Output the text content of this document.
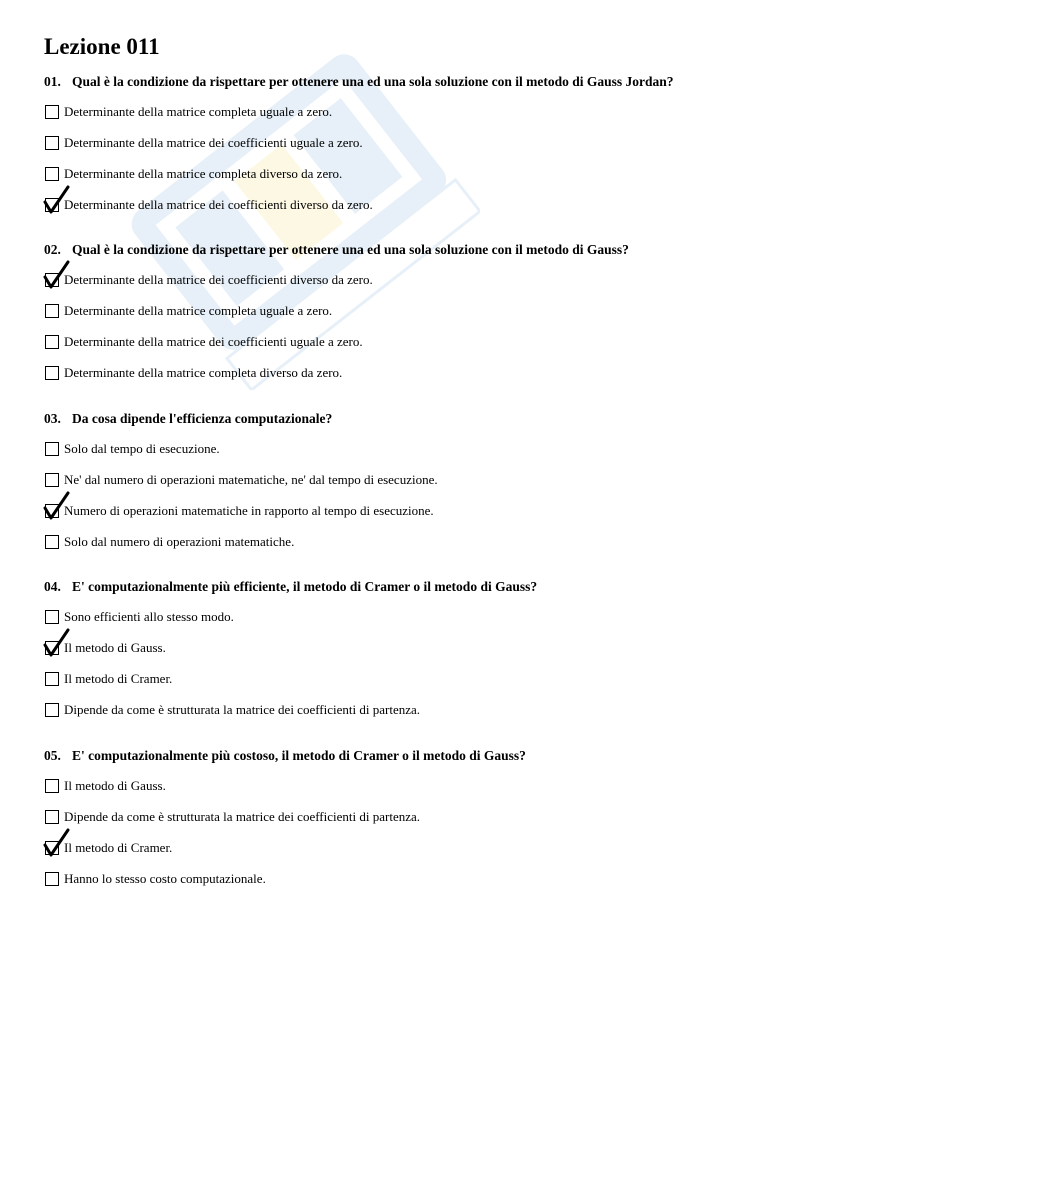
Lezione 011
01. Qual è la condizione da rispettare per ottenere una ed una sola soluzione con il metodo di Gauss Jordan?
Determinante della matrice completa uguale a zero.
Determinante della matrice dei coefficienti uguale a zero.
Determinante della matrice completa diverso da zero.
Determinante della matrice dei coefficienti diverso da zero.
02. Qual è la condizione da rispettare per ottenere una ed una sola soluzione con il metodo di Gauss?
Determinante della matrice dei coefficienti diverso da zero.
Determinante della matrice completa uguale a zero.
Determinante della matrice dei coefficienti uguale a zero.
Determinante della matrice completa diverso da zero.
03. Da cosa dipende l'efficienza computazionale?
Solo dal tempo di esecuzione.
Ne' dal numero di operazioni matematiche, ne' dal tempo di esecuzione.
Numero di operazioni matematiche in rapporto al tempo di esecuzione.
Solo dal numero di operazioni matematiche.
04. E' computazionalmente più efficiente, il metodo di Cramer o il metodo di Gauss?
Sono efficienti allo stesso modo.
Il metodo di Gauss.
Il metodo di Cramer.
Dipende da come è strutturata la matrice dei coefficienti di partenza.
05. E' computazionalmente più costoso, il metodo di Cramer o il metodo di Gauss?
Il metodo di Gauss.
Dipende da come è strutturata la matrice dei coefficienti di partenza.
Il metodo di Cramer.
Hanno lo stesso costo computazionale.
